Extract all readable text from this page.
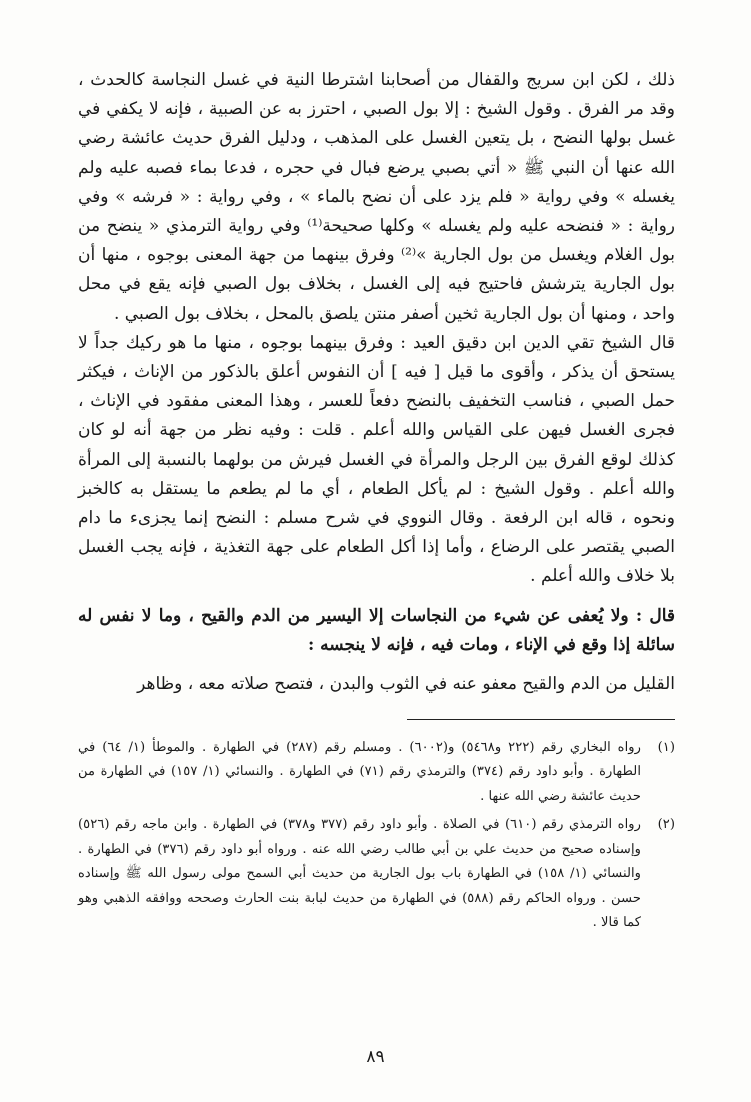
ذلك ، لكن ابن سريج والقفال من أصحابنا اشترطا النية في غسل النجاسة كالحدث ، وقد مر الفرق . وقول الشيخ : إلا بول الصبي ، احترز به عن الصبية ، فإنه لا يكفي في غسل بولها النضح ، بل يتعين الغسل على المذهب ، ودليل الفرق حديث عائشة رضي الله عنها أن النبي ﷺ « أتي بصبي يرضع فبال في حجره ، فدعا بماء فصبه عليه ولم يغسله » وفي رواية « فلم يزد على أن نضح بالماء » ، وفي رواية : « فرشه » وفي رواية : « فنضحه عليه ولم يغسله » وكلها صحيحة⁽¹⁾ وفي رواية الترمذي « ينضح من بول الغلام ويغسل من بول الجارية »⁽²⁾ وفرق بينهما من جهة المعنى بوجوه ، منها أن بول الجارية يترشش فاحتيج فيه إلى الغسل ، بخلاف بول الصبي فإنه يقع في محل واحد ، ومنها أن بول الجارية ثخين أصفر منتن يلصق بالمحل ، بخلاف بول الصبي .

قال الشيخ تقي الدين ابن دقيق العيد : وفرق بينهما بوجوه ، منها ما هو ركيك جداً لا يستحق أن يذكر ، وأقوى ما قيل [ فيه ] أن النفوس أعلق بالذكور من الإناث ، فيكثر حمل الصبي ، فناسب التخفيف بالنضح دفعاً للعسر ، وهذا المعنى مفقود في الإناث ، فجرى الغسل فيهن على القياس والله أعلم . قلت : وفيه نظر من جهة أنه لو كان كذلك لوقع الفرق بين الرجل والمرأة في الغسل فيرش من بولهما بالنسبة إلى المرأة والله أعلم . وقول الشيخ : لم يأكل الطعام ، أي ما لم يطعم ما يستقل به كالخبز ونحوه ، قاله ابن الرفعة . وقال النووي في شرح مسلم : النضح إنما يجزىء ما دام الصبي يقتصر على الرضاع ، وأما إذا أكل الطعام على جهة التغذية ، فإنه يجب الغسل بلا خلاف والله أعلم .

قال : ولا يُعفى عن شيء من النجاسات إلا اليسير من الدم والقيح ، وما لا نفس له سائلة إذا وقع في الإناء ، ومات فيه ، فإنه لا ينجسه :

القليل من الدم والقيح معفو عنه في الثوب والبدن ، فتصح صلاته معه ، وظاهر

(١)
رواه البخاري رقم (٢٢٢ و٥٤٦٨) و(٦٠٠٢) . ومسلم رقم (٢٨٧) في الطهارة . والموطأ (١/ ٦٤) في الطهارة . وأبو داود رقم (٣٧٤) والترمذي رقم (٧١) في الطهارة . والنسائي (١/ ١٥٧) في الطهارة من حديث عائشة رضي الله عنها .
(٢)
رواه الترمذي رقم (٦١٠) في الصلاة . وأبو داود رقم (٣٧٧ و٣٧٨) في الطهارة . وابن ماجه رقم (٥٢٦) وإسناده صحيح من حديث علي بن أبي طالب رضي الله عنه . ورواه أبو داود رقم (٣٧٦) في الطهارة . والنسائي (١/ ١٥٨) في الطهارة باب بول الجارية من حديث أبي السمح مولى رسول الله ﷺ وإسناده حسن . ورواه الحاكم رقم (٥٨٨) في الطهارة من حديث لبابة بنت الحارث وصححه ووافقه الذهبي وهو كما قالا .
٨٩
